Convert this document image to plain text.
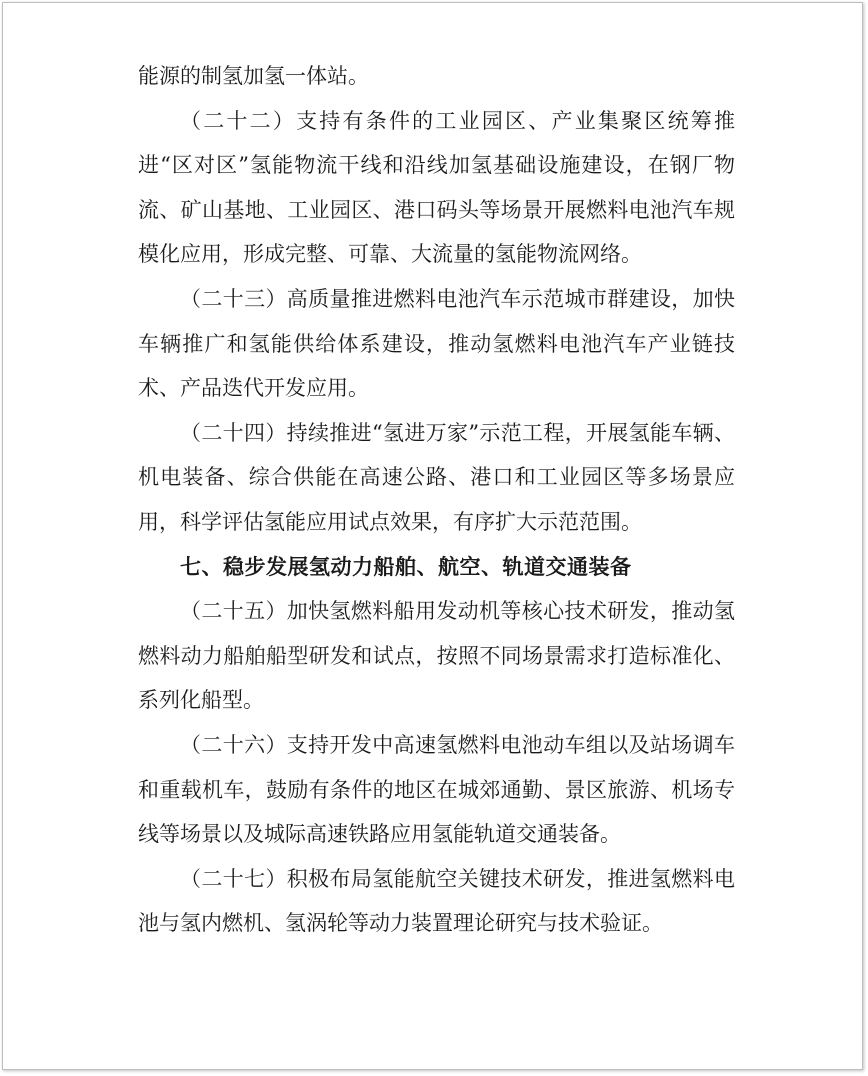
能源的制氢加氢一体站。

（二十二）支持有条件的工业园区、产业集聚区统筹推进“区对区”氢能物流干线和沿线加氢基础设施建设，在钢厂物流、矿山基地、工业园区、港口码头等场景开展燃料电池汽车规模化应用，形成完整、可靠、大流量的氢能物流网络。

（二十三）高质量推进燃料电池汽车示范城市群建设，加快车辆推广和氢能供给体系建设，推动氢燃料电池汽车产业链技术、产品迭代开发应用。

（二十四）持续推进“氢进万家”示范工程，开展氢能车辆、机电装备、综合供能在高速公路、港口和工业园区等多场景应用，科学评估氢能应用试点效果，有序扩大示范范围。

七、稳步发展氢动力船舶、航空、轨道交通装备

（二十五）加快氢燃料船用发动机等核心技术研发，推动氢燃料动力船舶船型研发和试点，按照不同场景需求打造标准化、系列化船型。

（二十六）支持开发中高速氢燃料电池动车组以及站场调车和重载机车，鼓励有条件的地区在城郊通勤、景区旅游、机场专线等场景以及城际高速铁路应用氢能轨道交通装备。

（二十七）积极布局氢能航空关键技术研发，推进氢燃料电池与氢内燃机、氢涡轮等动力装置理论研究与技术验证。
